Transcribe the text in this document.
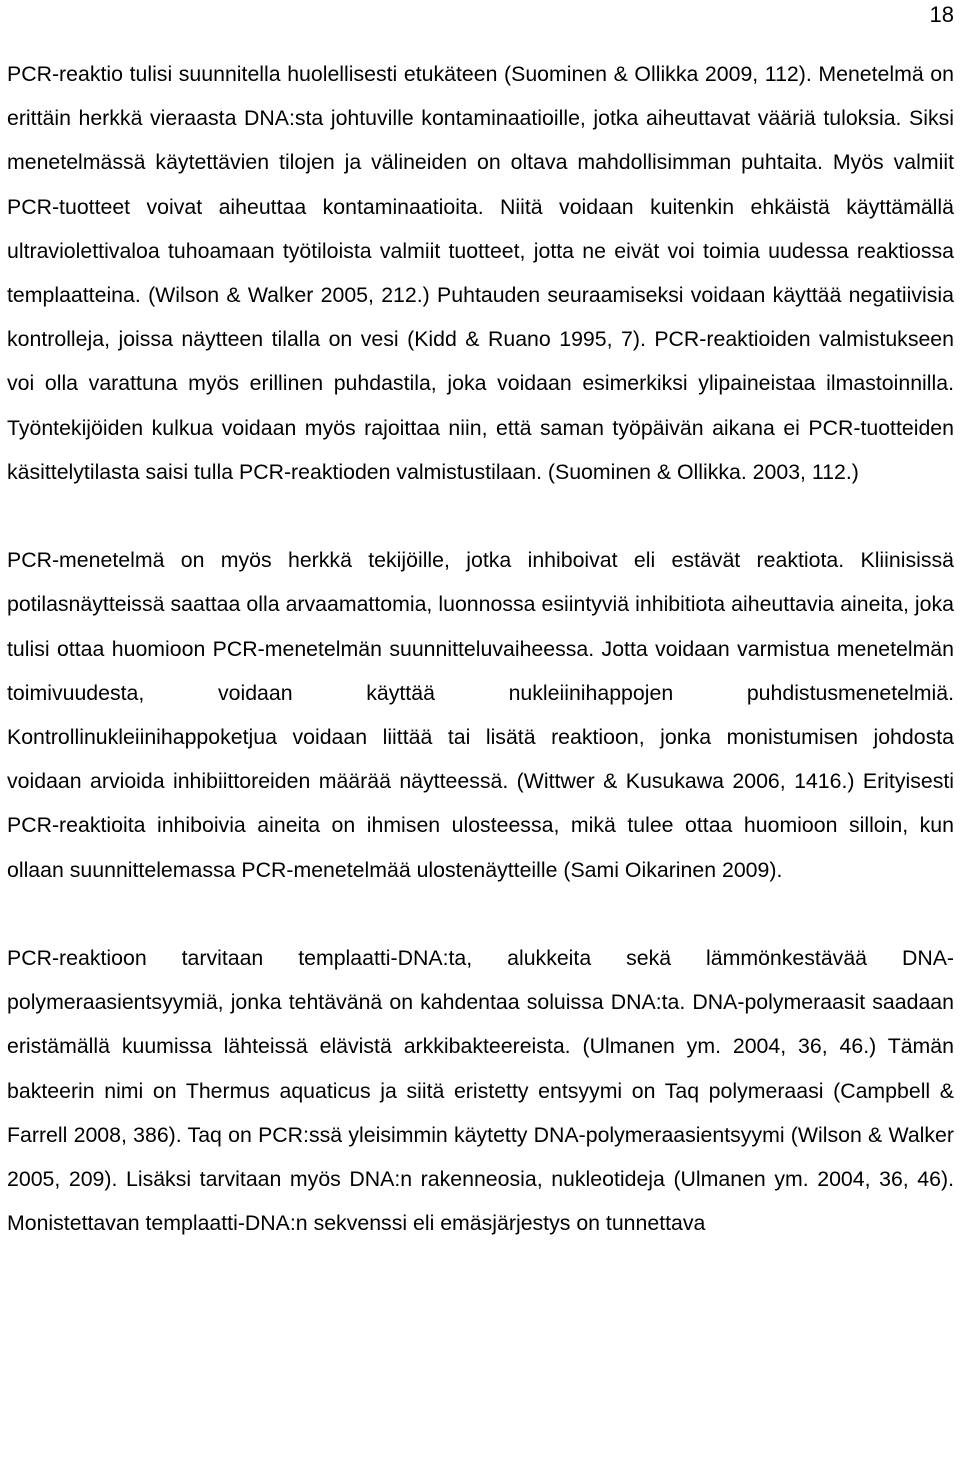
18

PCR-reaktio tulisi suunnitella huolellisesti etukäteen (Suominen & Ollikka 2009, 112). Menetelmä on erittäin herkkä vieraasta DNA:sta johtuville kontaminaatioille, jotka aiheuttavat vääriä tuloksia. Siksi menetelmässä käytettävien tilojen ja välineiden on oltava mahdollisimman puhtaita. Myös valmiit PCR-tuotteet voivat aiheuttaa kontaminaatioita. Niitä voidaan kuitenkin ehkäistä käyttämällä ultraviolettivaloa tuhoamaan työtiloista valmiit tuotteet, jotta ne eivät voi toimia uudessa reaktiossa templaatteina. (Wilson & Walker 2005, 212.) Puhtauden seuraamiseksi voidaan käyttää negatiivisia kontrolleja, joissa näytteen tilalla on vesi (Kidd & Ruano 1995, 7). PCR-reaktioiden valmistukseen voi olla varattuna myös erillinen puhdastila, joka voidaan esimerkiksi ylipaineistaa ilmastoinnilla. Työntekijöiden kulkua voidaan myös rajoittaa niin, että saman työpäivän aikana ei PCR-tuotteiden käsittelytilasta saisi tulla PCR-reaktioden valmistustilaan. (Suominen & Ollikka. 2003, 112.)

PCR-menetelmä on myös herkkä tekijöille, jotka inhiboivat eli estävät reaktiota. Kliinisissä potilasnäytteissä saattaa olla arvaamattomia, luonnossa esiintyviä inhibitiota aiheuttavia aineita, joka tulisi ottaa huomioon PCR-menetelmän suunnitteluvaiheessa. Jotta voidaan varmistua menetelmän toimivuudesta, voidaan käyttää nukleiinihappojen puhdistusmenetelmiä. Kontrollinukleiinihappoketjua voidaan liittää tai lisätä reaktioon, jonka monistumisen johdosta voidaan arvioida inhibiittoreiden määrää näytteessä. (Wittwer & Kusukawa 2006, 1416.) Erityisesti PCR-reaktioita inhiboivia aineita on ihmisen ulosteessa, mikä tulee ottaa huomioon silloin, kun ollaan suunnittelemassa PCR-menetelmää ulostenäytteille (Sami Oikarinen 2009).

PCR-reaktioon tarvitaan templaatti-DNA:ta, alukkeita sekä lämmönkestävää DNA-polymeraasientsyymiä, jonka tehtävänä on kahdentaa soluissa DNA:ta. DNA-polymeraasit saadaan eristämällä kuumissa lähteissä elävistä arkkibakteereista. (Ulmanen ym. 2004, 36, 46.) Tämän bakteerin nimi on Thermus aquaticus ja siitä eristetty entsyymi on Taq polymeraasi (Campbell & Farrell 2008, 386). Taq on PCR:ssä yleisimmin käytetty DNA-polymeraasientsyymi (Wilson & Walker 2005, 209). Lisäksi tarvitaan myös DNA:n rakenneosia, nukleotideja (Ulmanen ym. 2004, 36, 46). Monistettavan templaatti-DNA:n sekvenssi eli emäsjärjestys on tunnettava
